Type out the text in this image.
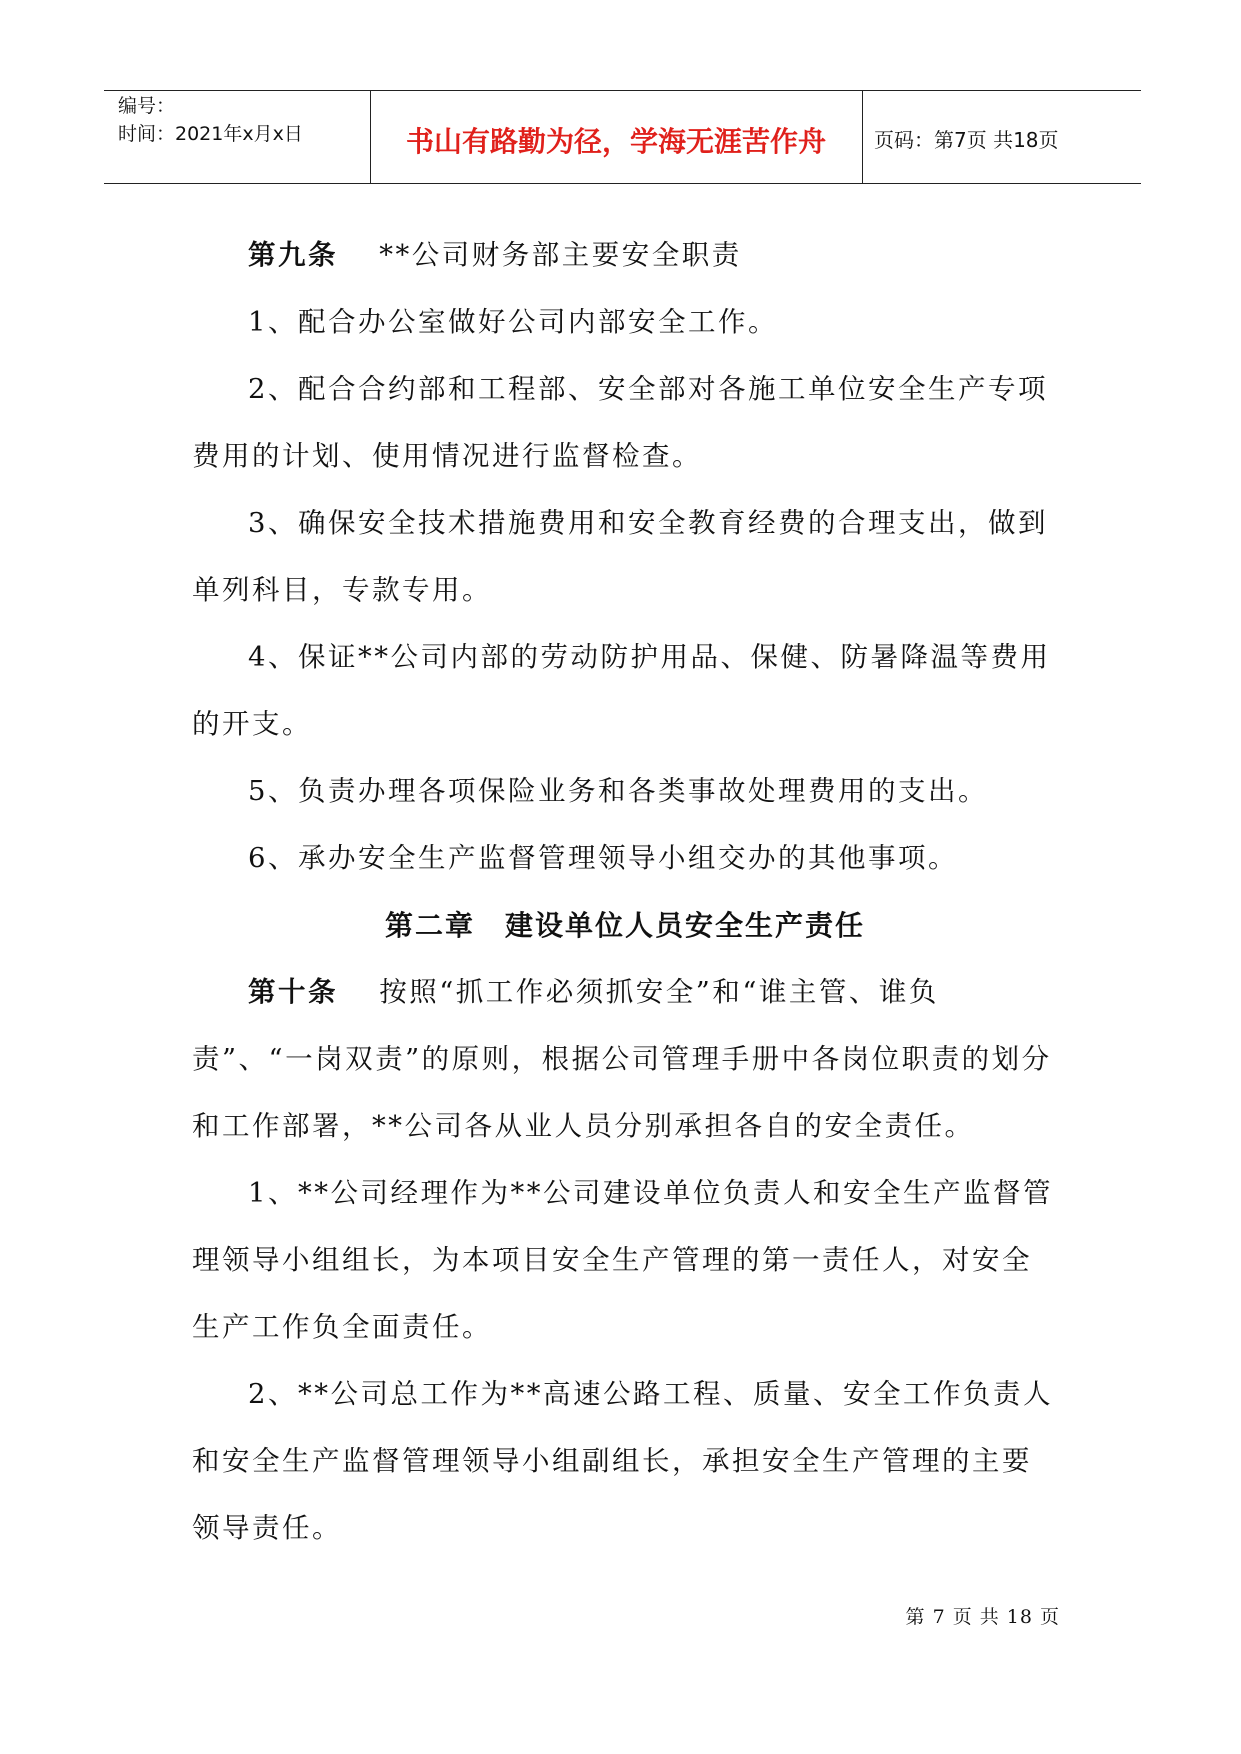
编号：
时间：2021年x月x日	书山有路勤为径，学海无涯苦作舟	页码：第7页 共18页

第九条　 **公司财务部主要安全职责

1、配合办公室做好公司内部安全工作。

2、配合合约部和工程部、安全部对各施工单位安全生产专项费用的计划、使用情况进行监督检查。

3、确保安全技术措施费用和安全教育经费的合理支出，做到单列科目，专款专用。

4、保证**公司内部的劳动防护用品、保健、防暑降温等费用的开支。

5、负责办理各项保险业务和各类事故处理费用的支出。

6、承办安全生产监督管理领导小组交办的其他事项。

第二章　建设单位人员安全生产责任

第十条　 按照“抓工作必须抓安全”和“谁主管、谁负责”、“一岗双责”的原则，根据公司管理手册中各岗位职责的划分和工作部署，**公司各从业人员分别承担各自的安全责任。

1、**公司经理作为**公司建设单位负责人和安全生产监督管理领导小组组长，为本项目安全生产管理的第一责任人，对安全生产工作负全面责任。

2、**公司总工作为**高速公路工程、质量、安全工作负责人和安全生产监督管理领导小组副组长，承担安全生产管理的主要领导责任。

第 7 页 共 18 页
